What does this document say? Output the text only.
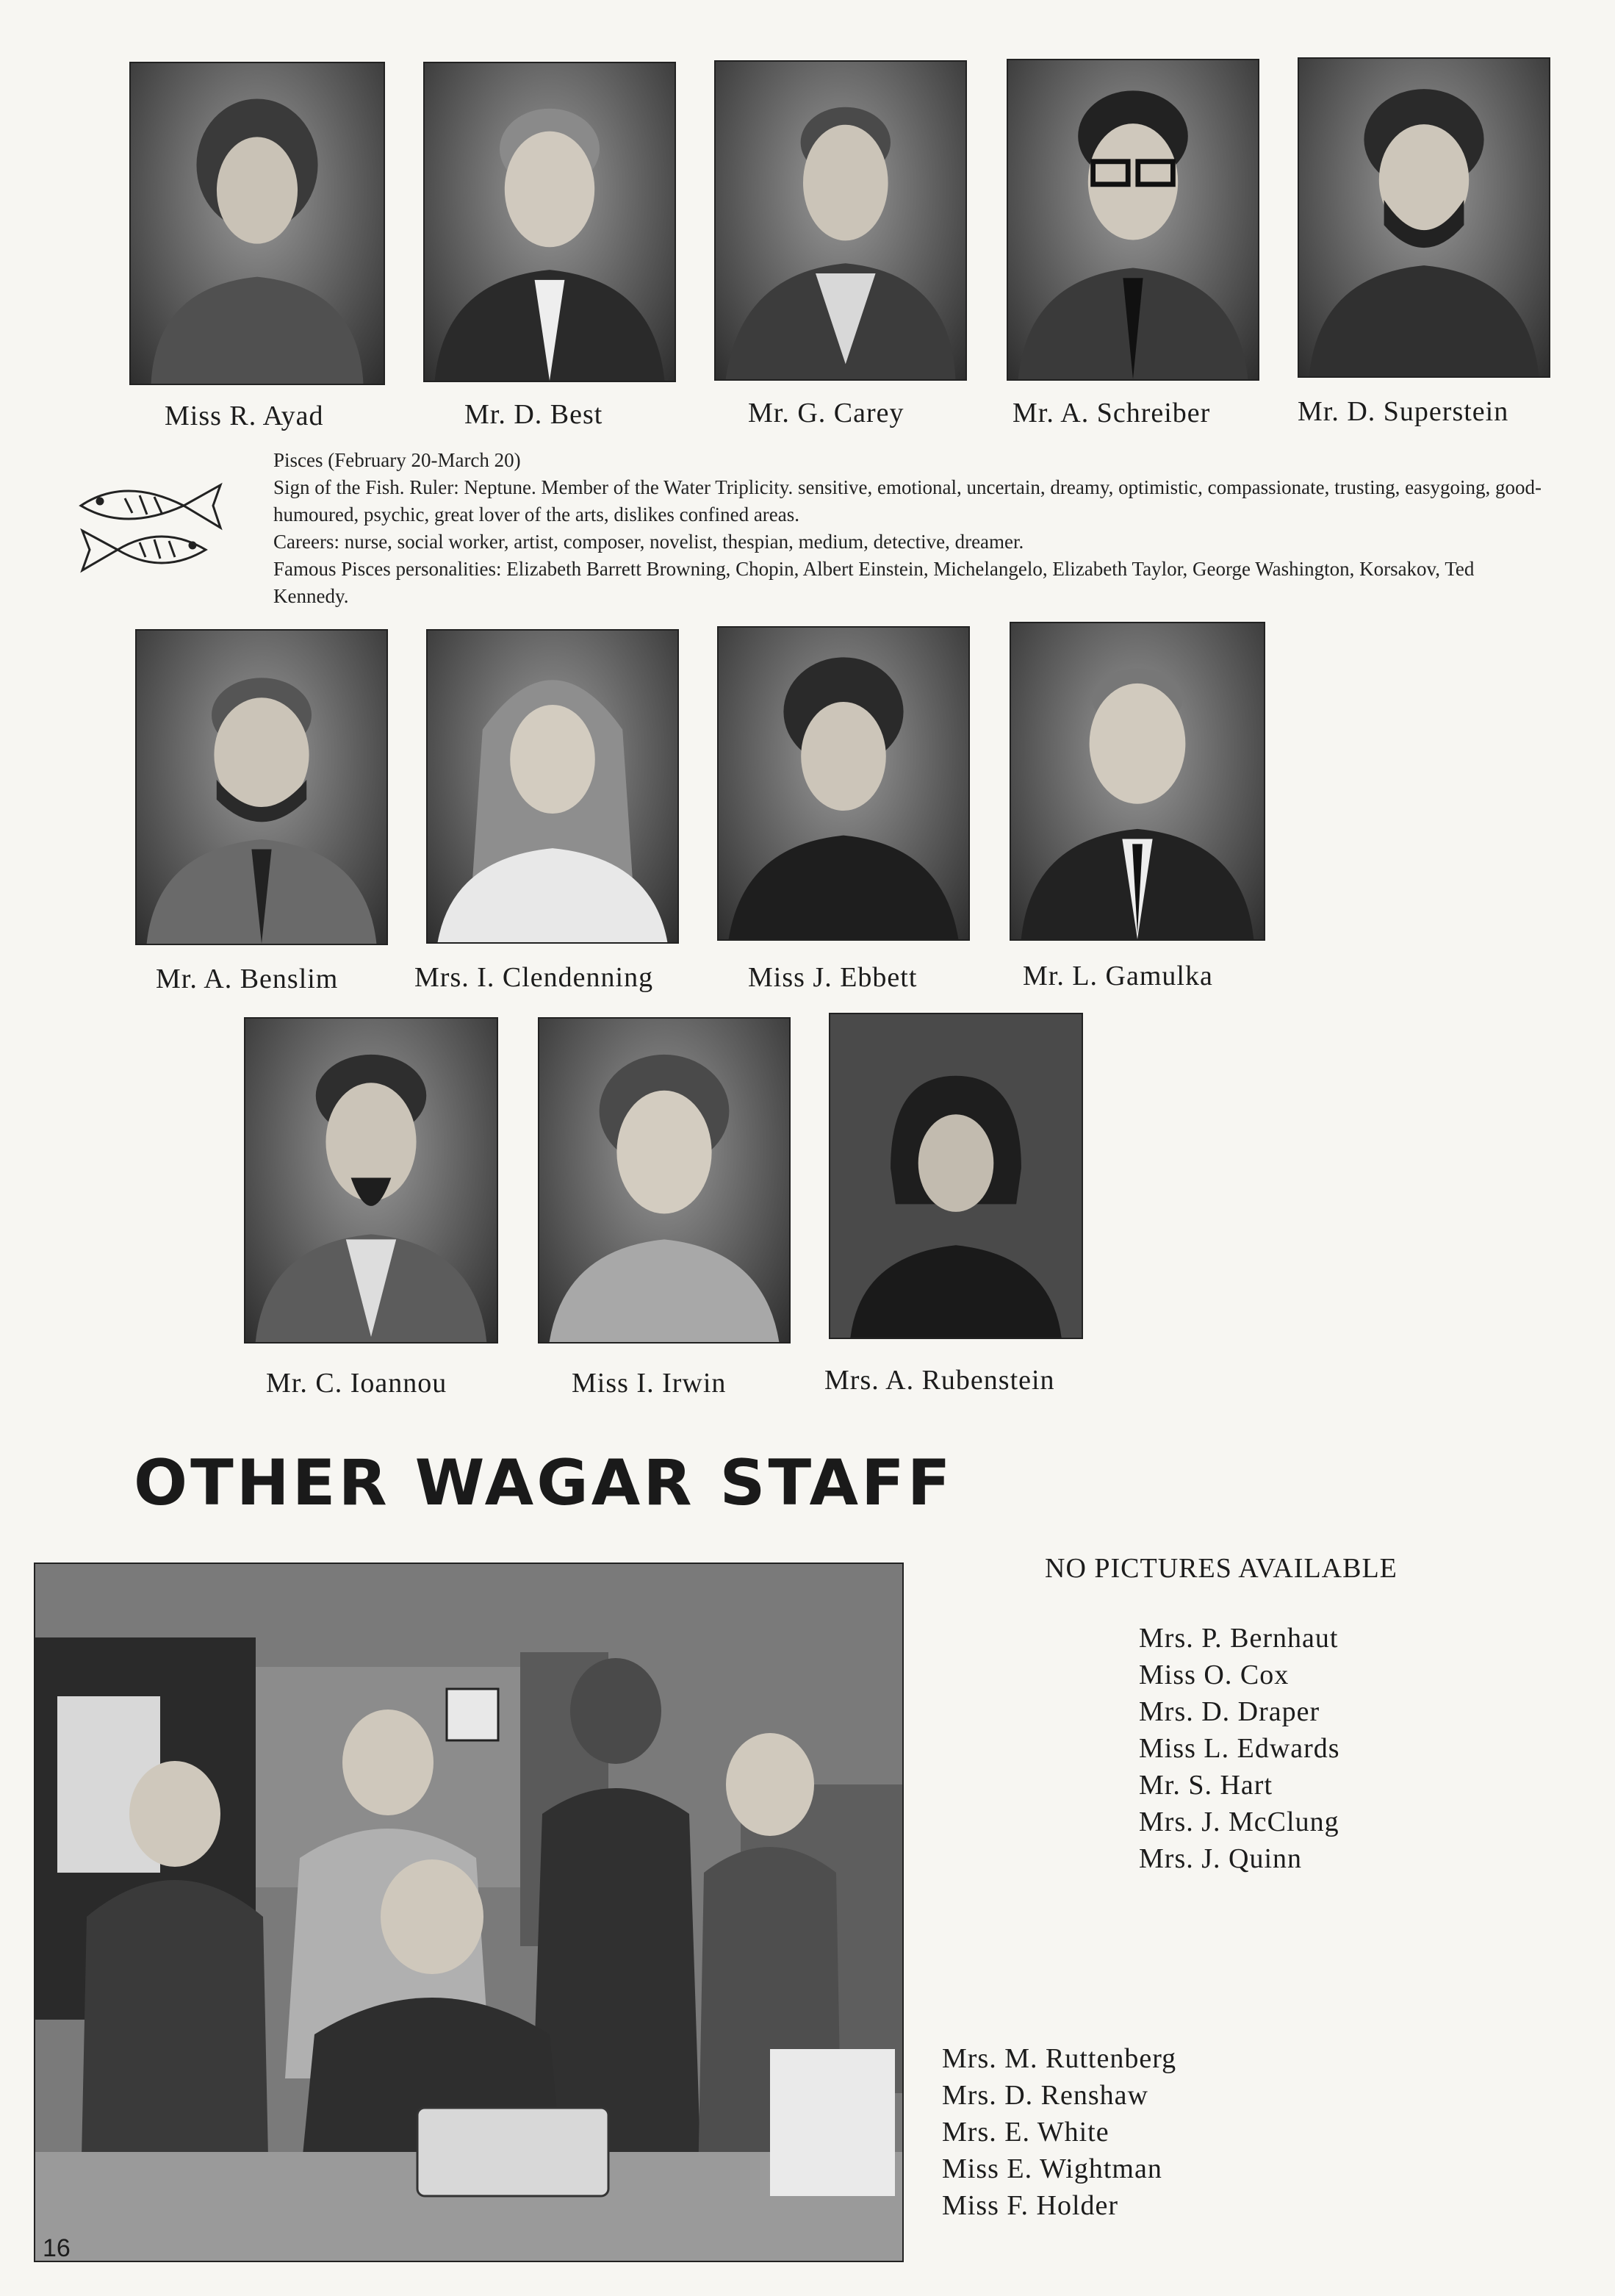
Miss R. Ayad	Mr. D. Best	Mr. G. Carey	Mr. A. Schreiber	Mr. D. Superstein

Pisces (February 20-March 20)

Sign of the Fish. Ruler: Neptune. Member of the Water Triplicity. sensitive, emotional, uncertain, dreamy, optimistic, compassionate, trusting, easygoing, good-humoured, psychic, great lover of the arts, dislikes confined areas.

Careers: nurse, social worker, artist, composer, novelist, thespian, medium, detective, dreamer.

Famous Pisces personalities: Elizabeth Barrett Browning, Chopin, Albert Einstein, Michelangelo, Elizabeth Taylor, George Washington, Korsakov, Ted Kennedy.

Mr. A. Benslim	Mrs. I. Clendenning	Miss J. Ebbett	Mr. L. Gamulka
Mr. C. Ioannou	Miss I. Irwin	Mrs. A. Rubenstein
OTHER WAGAR STAFF
NO PICTURES AVAILABLE
Mrs. P. Bernhaut
Miss O. Cox
Mrs. D. Draper
Miss L. Edwards
Mr. S. Hart
Mrs. J. McClung
Mrs. J. Quinn
Mrs. M. Ruttenberg
Mrs. D. Renshaw
Mrs. E. White
Miss E. Wightman
Miss F. Holder
16
